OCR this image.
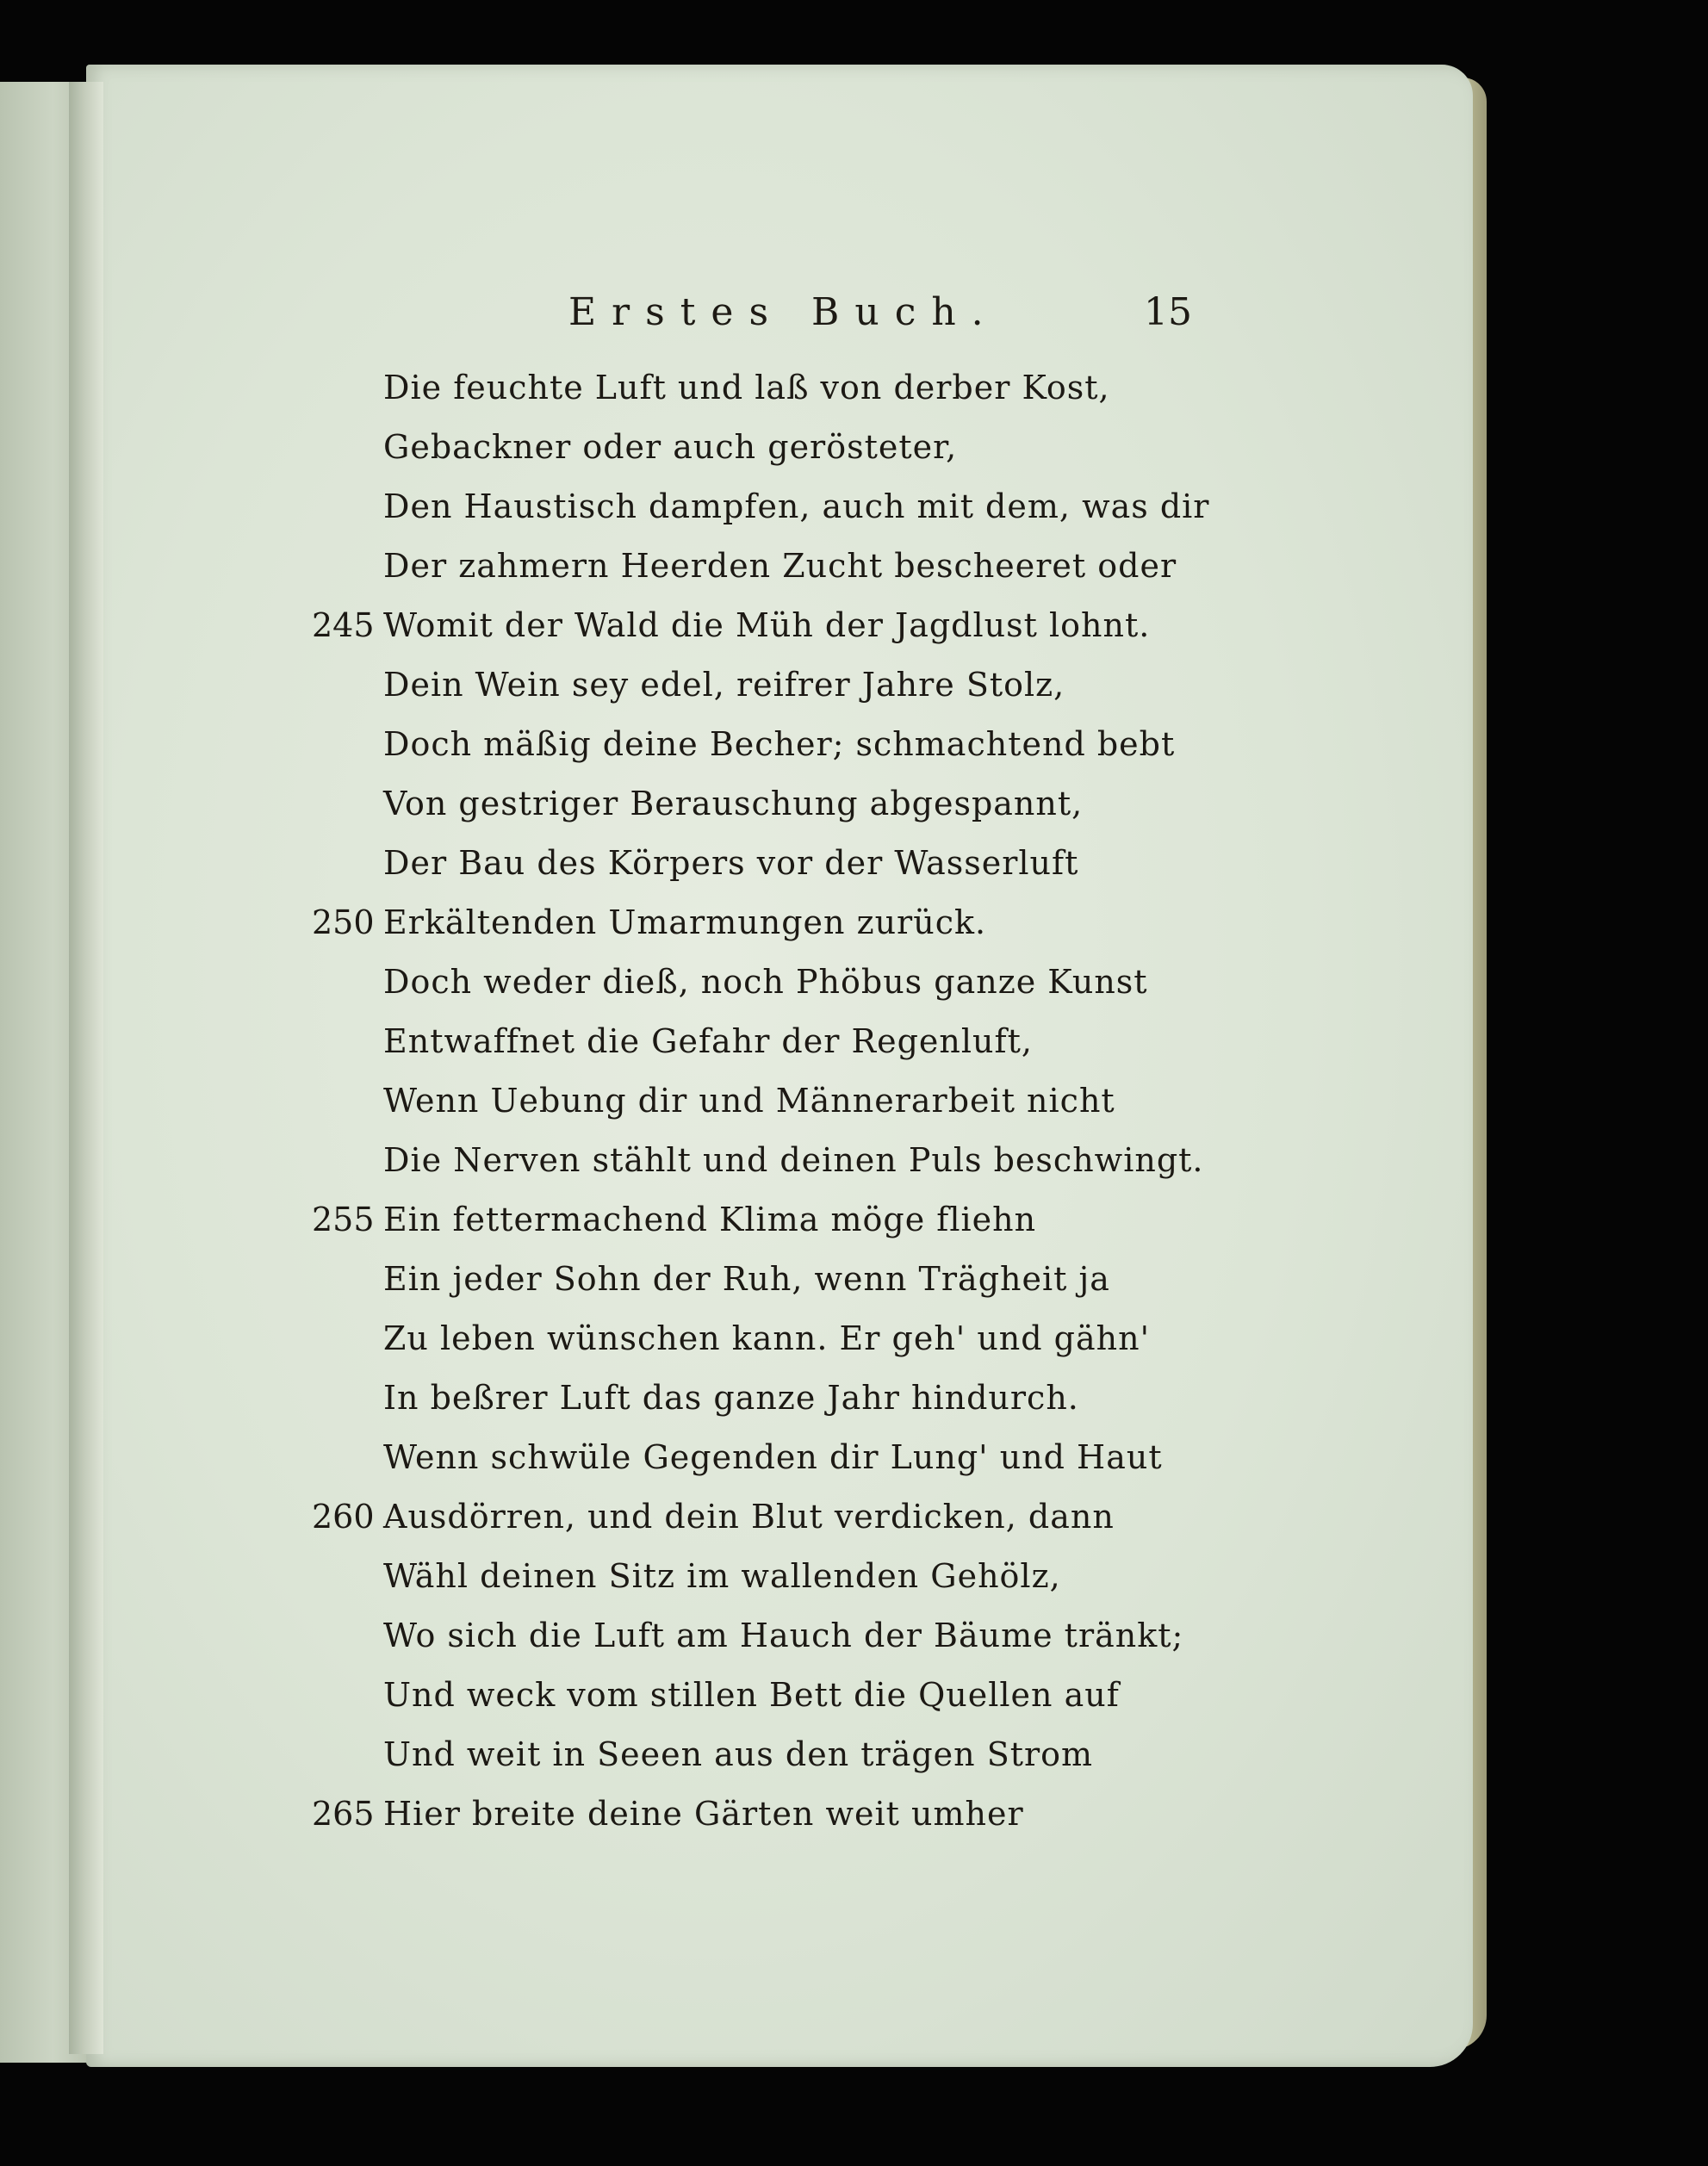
Erstes Buch.	15
Die feuchte Luft und laß von derber Kost,
Gebackner oder auch gerösteter,
Den Haustisch dampfen, auch mit dem, was dir
Der zahmern Heerden Zucht bescheeret oder
245 Womit der Wald die Müh der Jagdlust lohnt.
Dein Wein sey edel, reifrer Jahre Stolz,
Doch mäßig deine Becher; schmachtend bebt
Von gestriger Berauschung abgespannt,
Der Bau des Körpers vor der Wasserluft
250 Erkältenden Umarmungen zurück.
Doch weder dieß, noch Phöbus ganze Kunst
Entwaffnet die Gefahr der Regenluft,
Wenn Uebung dir und Männerarbeit nicht
Die Nerven stählt und deinen Puls beschwingt.
255 Ein fettermachend Klima möge fliehn
Ein jeder Sohn der Ruh, wenn Trägheit ja
Zu leben wünschen kann. Er geh' und gähn'
In beßrer Luft das ganze Jahr hindurch.
Wenn schwüle Gegenden dir Lung' und Haut
260 Ausdörren, und dein Blut verdicken, dann
Wähl deinen Sitz im wallenden Gehölz,
Wo sich die Luft am Hauch der Bäume tränkt;
Und weck vom stillen Bett die Quellen auf
Und weit in Seeen aus den trägen Strom
265 Hier breite deine Gärten weit umher
